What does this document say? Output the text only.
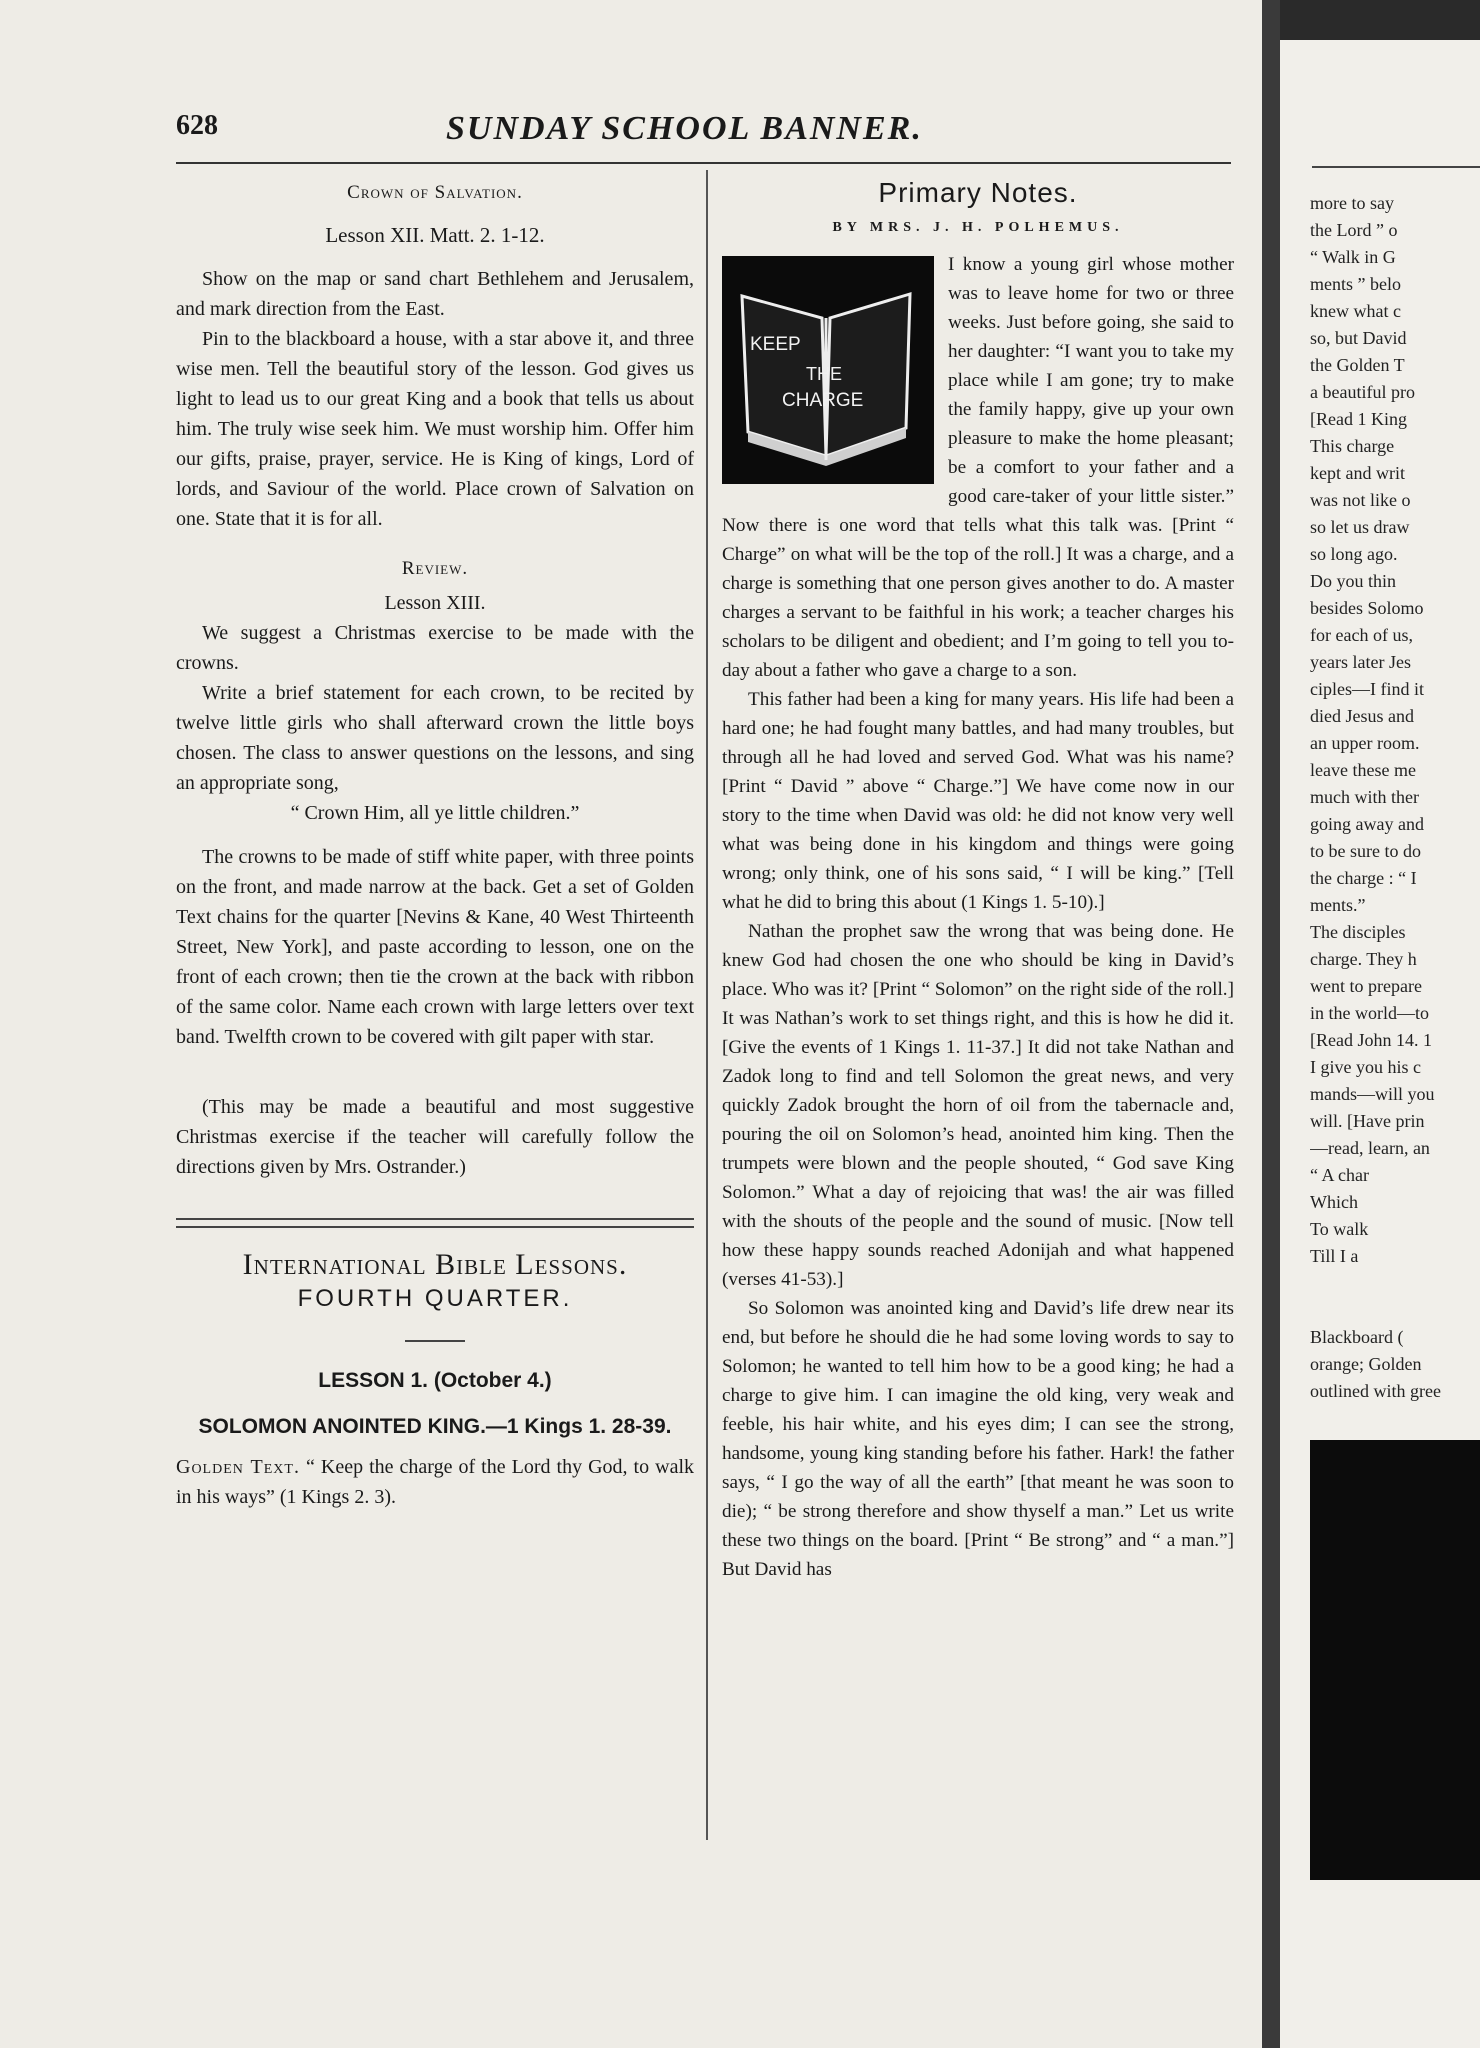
628	SUNDAY SCHOOL BANNER.
Crown of Salvation.
Lesson XII. Matt. 2. 1-12.

Show on the map or sand chart Bethlehem and Jerusalem, and mark direction from the East.

Pin to the blackboard a house, with a star above it, and three wise men. Tell the beautiful story of the lesson. God gives us light to lead us to our great King and a book that tells us about him. The truly wise seek him. We must worship him. Offer him our gifts, praise, prayer, service. He is King of kings, Lord of lords, and Saviour of the world. Place crown of Salvation on one. State that it is for all.

Review.
Lesson XIII.

We suggest a Christmas exercise to be made with the crowns.

Write a brief statement for each crown, to be recited by twelve little girls who shall afterward crown the little boys chosen. The class to answer questions on the lessons, and sing an appropriate song,

“ Crown Him, all ye little children.”

The crowns to be made of stiff white paper, with three points on the front, and made narrow at the back. Get a set of Golden Text chains for the quarter [Nevins & Kane, 40 West Thirteenth Street, New York], and paste according to lesson, one on the front of each crown; then tie the crown at the back with ribbon of the same color. Name each crown with large letters over text band. Twelfth crown to be covered with gilt paper with star.

(This may be made a beautiful and most suggestive Christmas exercise if the teacher will carefully follow the directions given by Mrs. Ostrander.)

International Bible Lessons.
FOURTH QUARTER.
LESSON 1. (October 4.)
SOLOMON ANOINTED KING.—1 Kings 1. 28-39.

Golden Text. “ Keep the charge of the Lord thy God, to walk in his ways” (1 Kings 2. 3).

Primary Notes.
BY MRS. J. H. POLHEMUS.
KEEP
THE
CHARGE

I know a young girl whose mother was to leave home for two or three weeks. Just before going, she said to her daughter: “I want you to take my place while I am gone; try to make the family happy, give up your own pleasure to make the home pleasant; be a comfort to your father and a good care-taker of your little sister.” Now there is one word that tells what this talk was. [Print “ Charge” on what will be the top of the roll.] It was a charge, and a charge is something that one person gives another to do. A master charges a servant to be faithful in his work; a teacher charges his scholars to be diligent and obedient; and I’m going to tell you to-day about a father who gave a charge to a son.

This father had been a king for many years. His life had been a hard one; he had fought many battles, and had many troubles, but through all he had loved and served God. What was his name? [Print “ David ” above “ Charge.”] We have come now in our story to the time when David was old: he did not know very well what was being done in his kingdom and things were going wrong; only think, one of his sons said, “ I will be king.” [Tell what he did to bring this about (1 Kings 1. 5-10).]

Nathan the prophet saw the wrong that was being done. He knew God had chosen the one who should be king in David’s place. Who was it? [Print “ Solomon” on the right side of the roll.] It was Nathan’s work to set things right, and this is how he did it. [Give the events of 1 Kings 1. 11-37.] It did not take Nathan and Zadok long to find and tell Solomon the great news, and very quickly Zadok brought the horn of oil from the tabernacle and, pouring the oil on Solomon’s head, anointed him king. Then the trumpets were blown and the people shouted, “ God save King Solomon.” What a day of rejoicing that was! the air was filled with the shouts of the people and the sound of music. [Now tell how these happy sounds reached Adonijah and what happened (verses 41-53).]

So Solomon was anointed king and David’s life drew near its end, but before he should die he had some loving words to say to Solomon; he wanted to tell him how to be a good king; he had a charge to give him. I can imagine the old king, very weak and feeble, his hair white, and his eyes dim; I can see the strong, handsome, young king standing before his father. Hark! the father says, “ I go the way of all the earth” [that meant he was soon to die); “ be strong therefore and show thyself a man.” Let us write these two things on the board. [Print “ Be strong” and “ a man.”] But David has

more to say
the Lord ” o
“ Walk in G
ments ” belo
knew what c
so, but David
the Golden T
a beautiful pro
[Read 1 King
This charge
kept and writ
was not like o
so let us draw
so long ago.
Do you thin
besides Solomo
for each of us,
years later Jes
ciples—I find it
died Jesus and
an upper room.
leave these me
much with ther
going away and
to be sure to do
the charge : “ I
ments.”
The disciples
charge. They h
went to prepare
in the world—to
[Read John 14. 1
I give you his c
mands—will you
will. [Have prin
—read, learn, an
“ A char
Which
To walk
Till I a
Blackboard (
orange; Golden
outlined with gree
